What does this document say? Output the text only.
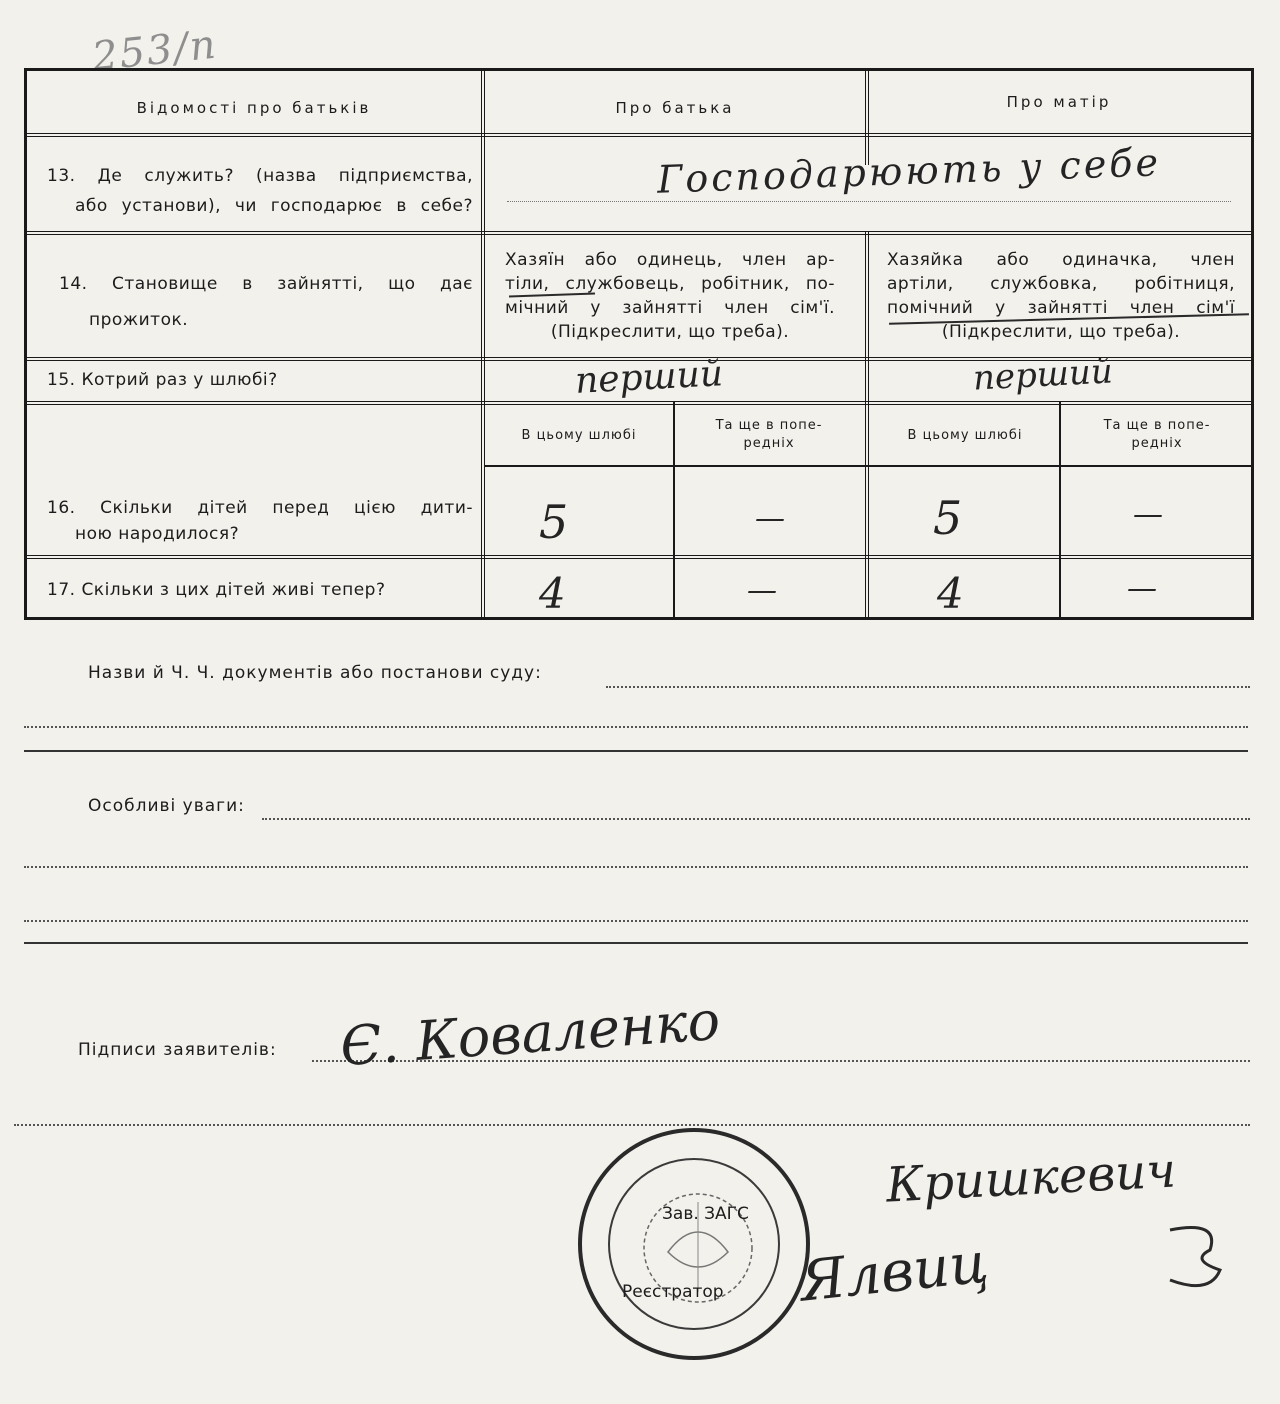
253/п
Відомості про батьків	Про батька	Про матір
13. Де служить? (назва підприємства,
або установи), чи господарює в себе?
Господарюють у себе
14. Становище в зайнятті, що дає
прожиток.
Хазяїн або одинець, член ар-
тіли, службовець, робітник, по-
мічний у зайнятті член сім'ї.
(Підкреслити, що треба).
Хазяйка або одиначка, член
артіли, службовка, робітниця,
помічний у зайнятті член сім'ї
(Підкреслити, що треба).
15. Котрий раз у шлюбі?	перший	перший
В цьому шлюбі
Та ще в попе-
редніх
В цьому шлюбі
Та ще в попе-
редніх
16. Скільки дітей перед цією дити-
ною народилося?	5	—	5	—
17. Скільки з цих дітей живі тепер?	4	—	4	—
Назви й Ч. Ч. документів або постанови суду:
Особливі уваги:
Підписи заявителів: Є. Коваленко
Зав. ЗАГС
Реєстратор
Кришкевич
Ялвиц
